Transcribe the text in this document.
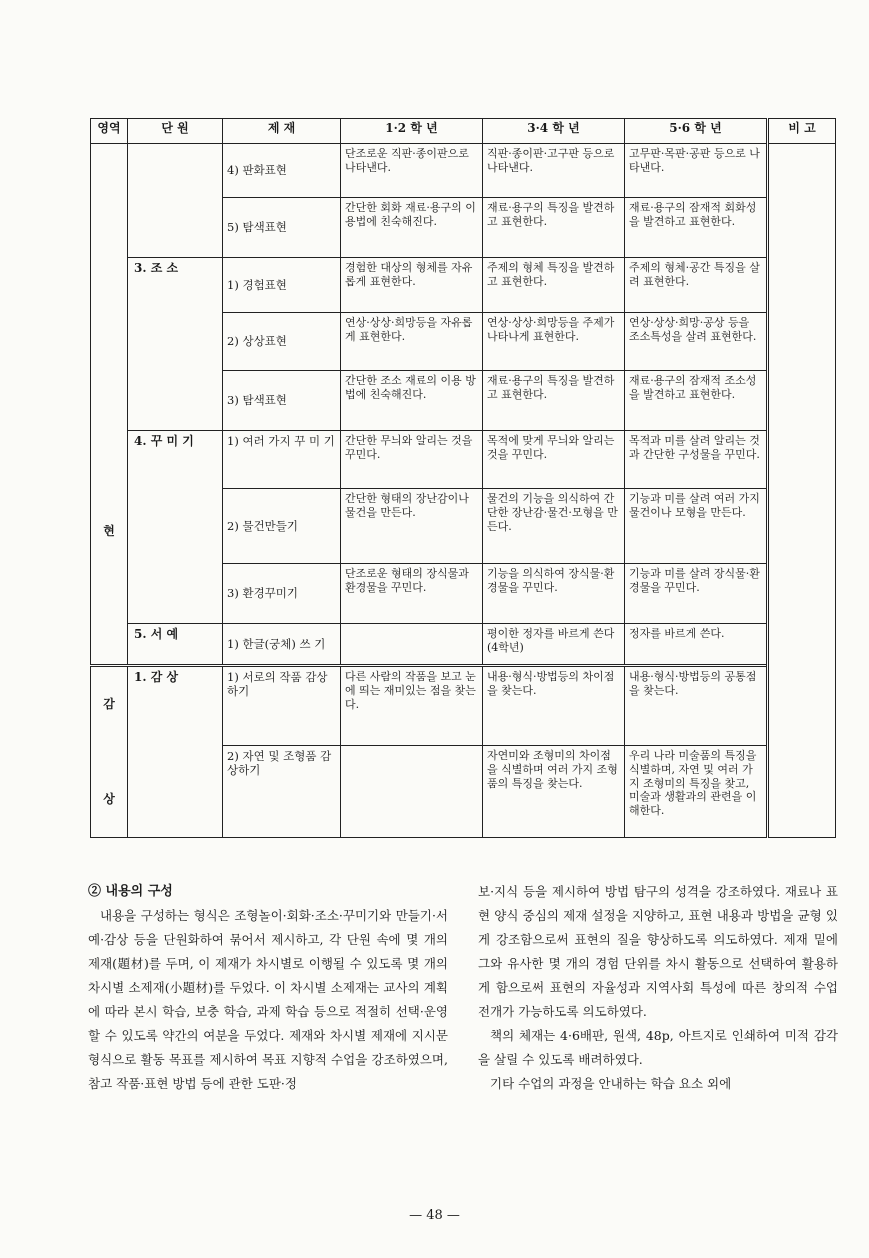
영역	단 원	제 재	1·2 학 년	3·4 학 년	5·6 학 년	비 고
현		4) 판화표현	단조로운 직판·종이판으로 나타낸다.	직판·종이판·고구판 등으로 나타낸다.	고무판·목판·공판 등으로 나타낸다.	
		5) 탐색표현	간단한 회화 재료·용구의 이용법에 친숙해진다.	재료·용구의 특징을 발견하고 표현한다.	재료·용구의 잠재적 회화성을 발견하고 표현한다.	
	3. 조 소	1) 경험표현	경험한 대상의 형체를 자유롭게 표현한다.	주제의 형체 특징을 발견하고 표현한다.	주제의 형체·공간 특징을 살려 표현한다.	
		2) 상상표현	연상·상상·희망등을 자유롭게 표현한다.	연상·상상·희망등을 주제가 나타나게 표현한다.	연상·상상·희망·공상 등을 조소특성을 살려 표현한다.	
		3) 탐색표현	간단한 조소 재료의 이용 방법에 친숙해진다.	재료·용구의 특징을 발견하고 표현한다.	재료·용구의 잠재적 조소성을 발견하고 표현한다.	
	4. 꾸 미 기	1) 여러 가지 꾸 미 기	간단한 무늬와 알리는 것을 꾸민다.	목적에 맞게 무늬와 알리는 것을 꾸민다.	목적과 미를 살려 알리는 것과 간단한 구성물을 꾸민다.	
		2) 물건만들기	간단한 형태의 장난감이나 물건을 만든다.	물건의 기능을 의식하여 간단한 장난감·물건·모형을 만든다.	기능과 미를 살려 여러 가지 물건이나 모형을 만든다.	
		3) 환경꾸미기	단조로운 형태의 장식물과 환경물을 꾸민다.	기능을 의식하여 장식물·환경물을 꾸민다.	기능과 미를 살려 장식물·환경물을 꾸민다.	
	5. 서 예	1) 한글(궁체) 쓰 기		평이한 정자를 바르게 쓴다(4학년)	정자를 바르게 쓴다.	

감
상	1. 감 상	1) 서로의 작품 감상하기	다른 사람의 작품을 보고 눈에 띄는 재미있는 점을 찾는다.	내용·형식·방법등의 차이점을 찾는다.	내용·형식·방법등의 공통점을 찾는다.	
		2) 자연 및 조형품 감상하기		자연미와 조형미의 차이점을 식별하며 여러 가지 조형품의 특징을 찾는다.	우리 나라 미술품의 특징을 식별하며, 자연 및 여러 가지 조형미의 특징을 찾고, 미술과 생활과의 관련을 이해한다.	

② 내용의 구성

내용을 구성하는 형식은 조형놀이·회화·조소·꾸미기와 만들기·서예·감상 등을 단원화하여 묶어서 제시하고, 각 단원 속에 몇 개의 제재(題材)를 두며, 이 제재가 차시별로 이행될 수 있도록 몇 개의 차시별 소제재(小題材)를 두었다. 이 차시별 소제재는 교사의 계획에 따라 본시 학습, 보충 학습, 과제 학습 등으로 적절히 선택·운영할 수 있도록 약간의 여분을 두었다. 제재와 차시별 제재에 지시문 형식으로 활동 목표를 제시하여 목표 지향적 수업을 강조하였으며, 참고 작품·표현 방법 등에 관한 도판·정

보·지식 등을 제시하여 방법 탐구의 성격을 강조하였다. 재료나 표현 양식 중심의 제재 설정을 지양하고, 표현 내용과 방법을 균형 있게 강조함으로써 표현의 질을 향상하도록 의도하였다. 제재 밑에 그와 유사한 몇 개의 경험 단위를 차시 활동으로 선택하여 활용하게 함으로써 표현의 자율성과 지역사회 특성에 따른 창의적 수업 전개가 가능하도록 의도하였다.

책의 체재는 4·6배판, 원색, 48p, 아트지로 인쇄하여 미적 감각을 살릴 수 있도록 배려하였다.

기타 수업의 과정을 안내하는 학습 요소 외에

— 48 —
